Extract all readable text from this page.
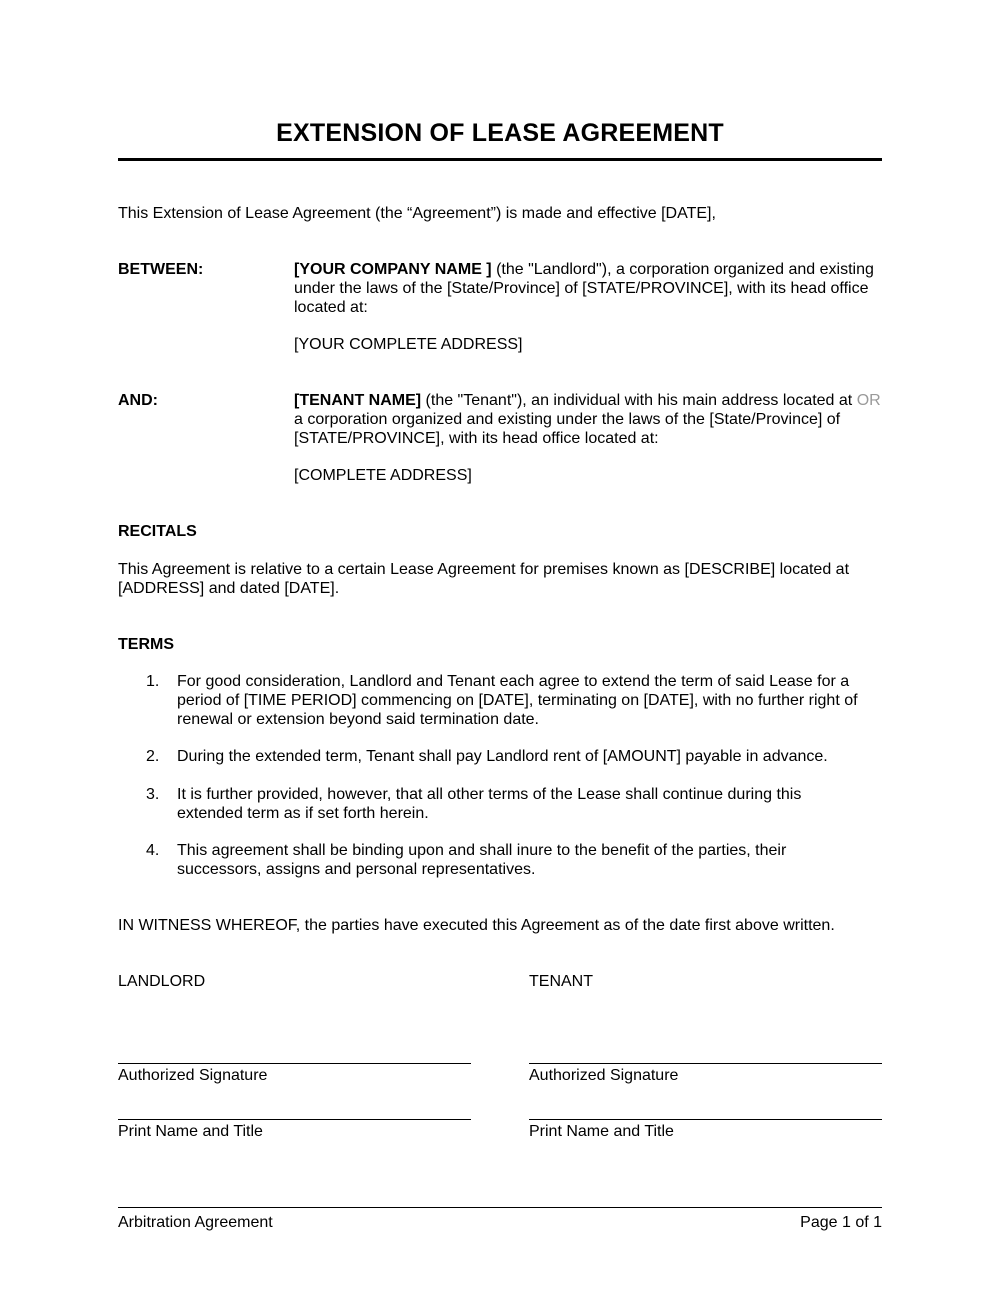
EXTENSION OF LEASE AGREEMENT
This Extension of Lease Agreement (the “Agreement”) is made and effective [DATE],
BETWEEN:	[YOUR COMPANY NAME ] (the "Landlord"), a corporation organized and existing under the laws of the [State/Province] of [STATE/PROVINCE], with its head office located at:
[YOUR COMPLETE ADDRESS]
AND:	[TENANT NAME] (the "Tenant"), an individual with his main address located at OR a corporation organized and existing under the laws of the [State/Province] of [STATE/PROVINCE], with its head office located at:
[COMPLETE ADDRESS]
RECITALS
This Agreement is relative to a certain Lease Agreement for premises known as [DESCRIBE] located at [ADDRESS] and dated [DATE].
TERMS
1.	For good consideration, Landlord and Tenant each agree to extend the term of said Lease for a period of [TIME PERIOD] commencing on [DATE], terminating on [DATE], with no further right of renewal or extension beyond said termination date.
2.	During the extended term, Tenant shall pay Landlord rent of [AMOUNT] payable in advance.
3.	It is further provided, however, that all other terms of the Lease shall continue during this extended term as if set forth herein.
4.	This agreement shall be binding upon and shall inure to the benefit of the parties, their successors, assigns and personal representatives.
IN WITNESS WHEREOF, the parties have executed this Agreement as of the date first above written.
LANDLORD	TENANT
Authorized Signature	Authorized Signature
Print Name and Title	Print Name and Title
Arbitration Agreement	Page 1 of 1
